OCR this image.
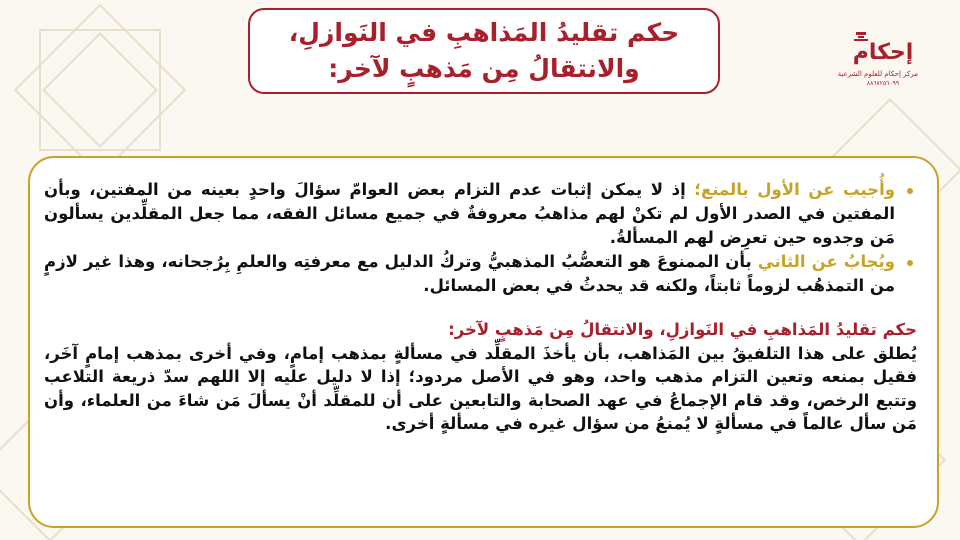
حكم تقليدُ المَذاهبِ في النَوازلِ،
والانتقالُ مِن مَذهبٍ لآخر:
إحكام
مركز إحكام للعلوم الشرعية
٨٨٦٧٢٥٦٠٩٩
وأُجيب عن الأول بالمنع؛ إذ لا يمكن إثبات عدم التزام بعض العوامّ سؤالَ واحدٍ بعينه من المفتين، وبأن المفتين في الصدر الأول لم تكنْ لهم مذاهبُ معروفةٌ في جميع مسائل الفقه، مما جعل المقلِّدين يسألون مَن وجدوه حين تعرِض لهم المسألةُ.
ويُجابُ عن الثاني بأن الممنوعَ هو التعصُّبُ المذهبيُّ وتركُ الدليل مع معرفتِه والعلمِ بِرُجحانه، وهذا غير لازمٍ من التمذهُب لزوماً ثابتاً، ولكنه قد يحدثُ في بعض المسائل.
حكم تقليدُ المَذاهبِ في النَوازلِ، والانتقالُ مِن مَذهبٍ لآخر:
يُطلق على هذا التلفيقُ بين المَذاهب، بأن يأخذَ المقلِّد في مسألةٍ بمذهب إمامٍ، وفي أخرى بمذهب إمامٍ آخَر، فقيل بمنعه وتعين التزام مذهب واحد، وهو في الأصل مردود؛ إذا لا دليل عليه إلا اللهم سدّ ذريعة التلاعب وتتبع الرخص، وقد قام الإجماعُ في عهد الصحابة والتابعين على أن للمقلِّد أنْ يسألَ مَن شاءَ من العلماء، وأن مَن سأل عالماً في مسألةٍ لا يُمنعُ من سؤال غيره في مسألةٍ أخرى.
